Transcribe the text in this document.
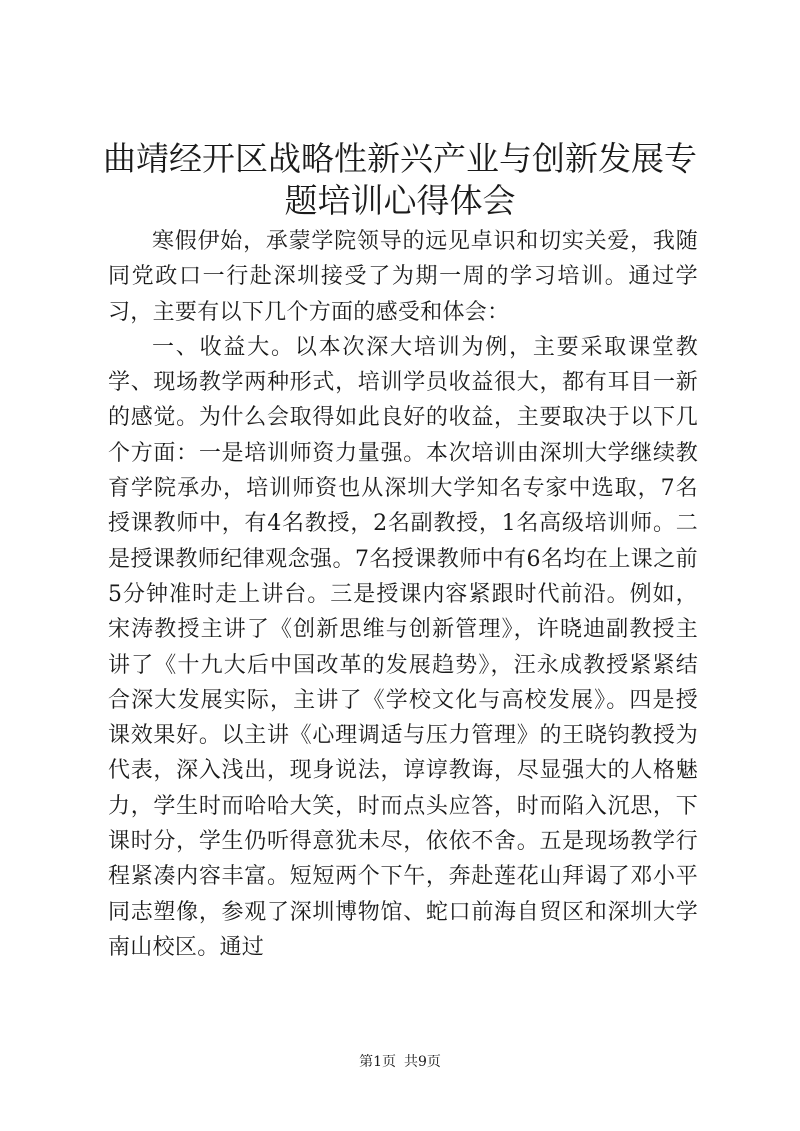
曲靖经开区战略性新兴产业与创新发展专题培训心得体会

寒假伊始，承蒙学院领导的远见卓识和切实关爱，我随同党政口一行赴深圳接受了为期一周的学习培训。通过学习，主要有以下几个方面的感受和体会：

一、收益大。以本次深大培训为例，主要采取课堂教学、现场教学两种形式，培训学员收益很大，都有耳目一新的感觉。为什么会取得如此良好的收益，主要取决于以下几个方面：一是培训师资力量强。本次培训由深圳大学继续教育学院承办，培训师资也从深圳大学知名专家中选取，7名授课教师中，有4名教授，2名副教授，1名高级培训师。二是授课教师纪律观念强。7名授课教师中有6名均在上课之前5分钟准时走上讲台。三是授课内容紧跟时代前沿。例如，宋涛教授主讲了《创新思维与创新管理》，许晓迪副教授主讲了《十九大后中国改革的发展趋势》，汪永成教授紧紧结合深大发展实际，主讲了《学校文化与高校发展》。四是授课效果好。以主讲《心理调适与压力管理》的王晓钧教授为代表，深入浅出，现身说法，谆谆教诲，尽显强大的人格魅力，学生时而哈哈大笑，时而点头应答，时而陷入沉思，下课时分，学生仍听得意犹未尽，依依不舍。五是现场教学行程紧凑内容丰富。短短两个下午，奔赴莲花山拜谒了邓小平同志塑像，参观了深圳博物馆、蛇口前海自贸区和深圳大学南山校区。通过

第1页 共9页
